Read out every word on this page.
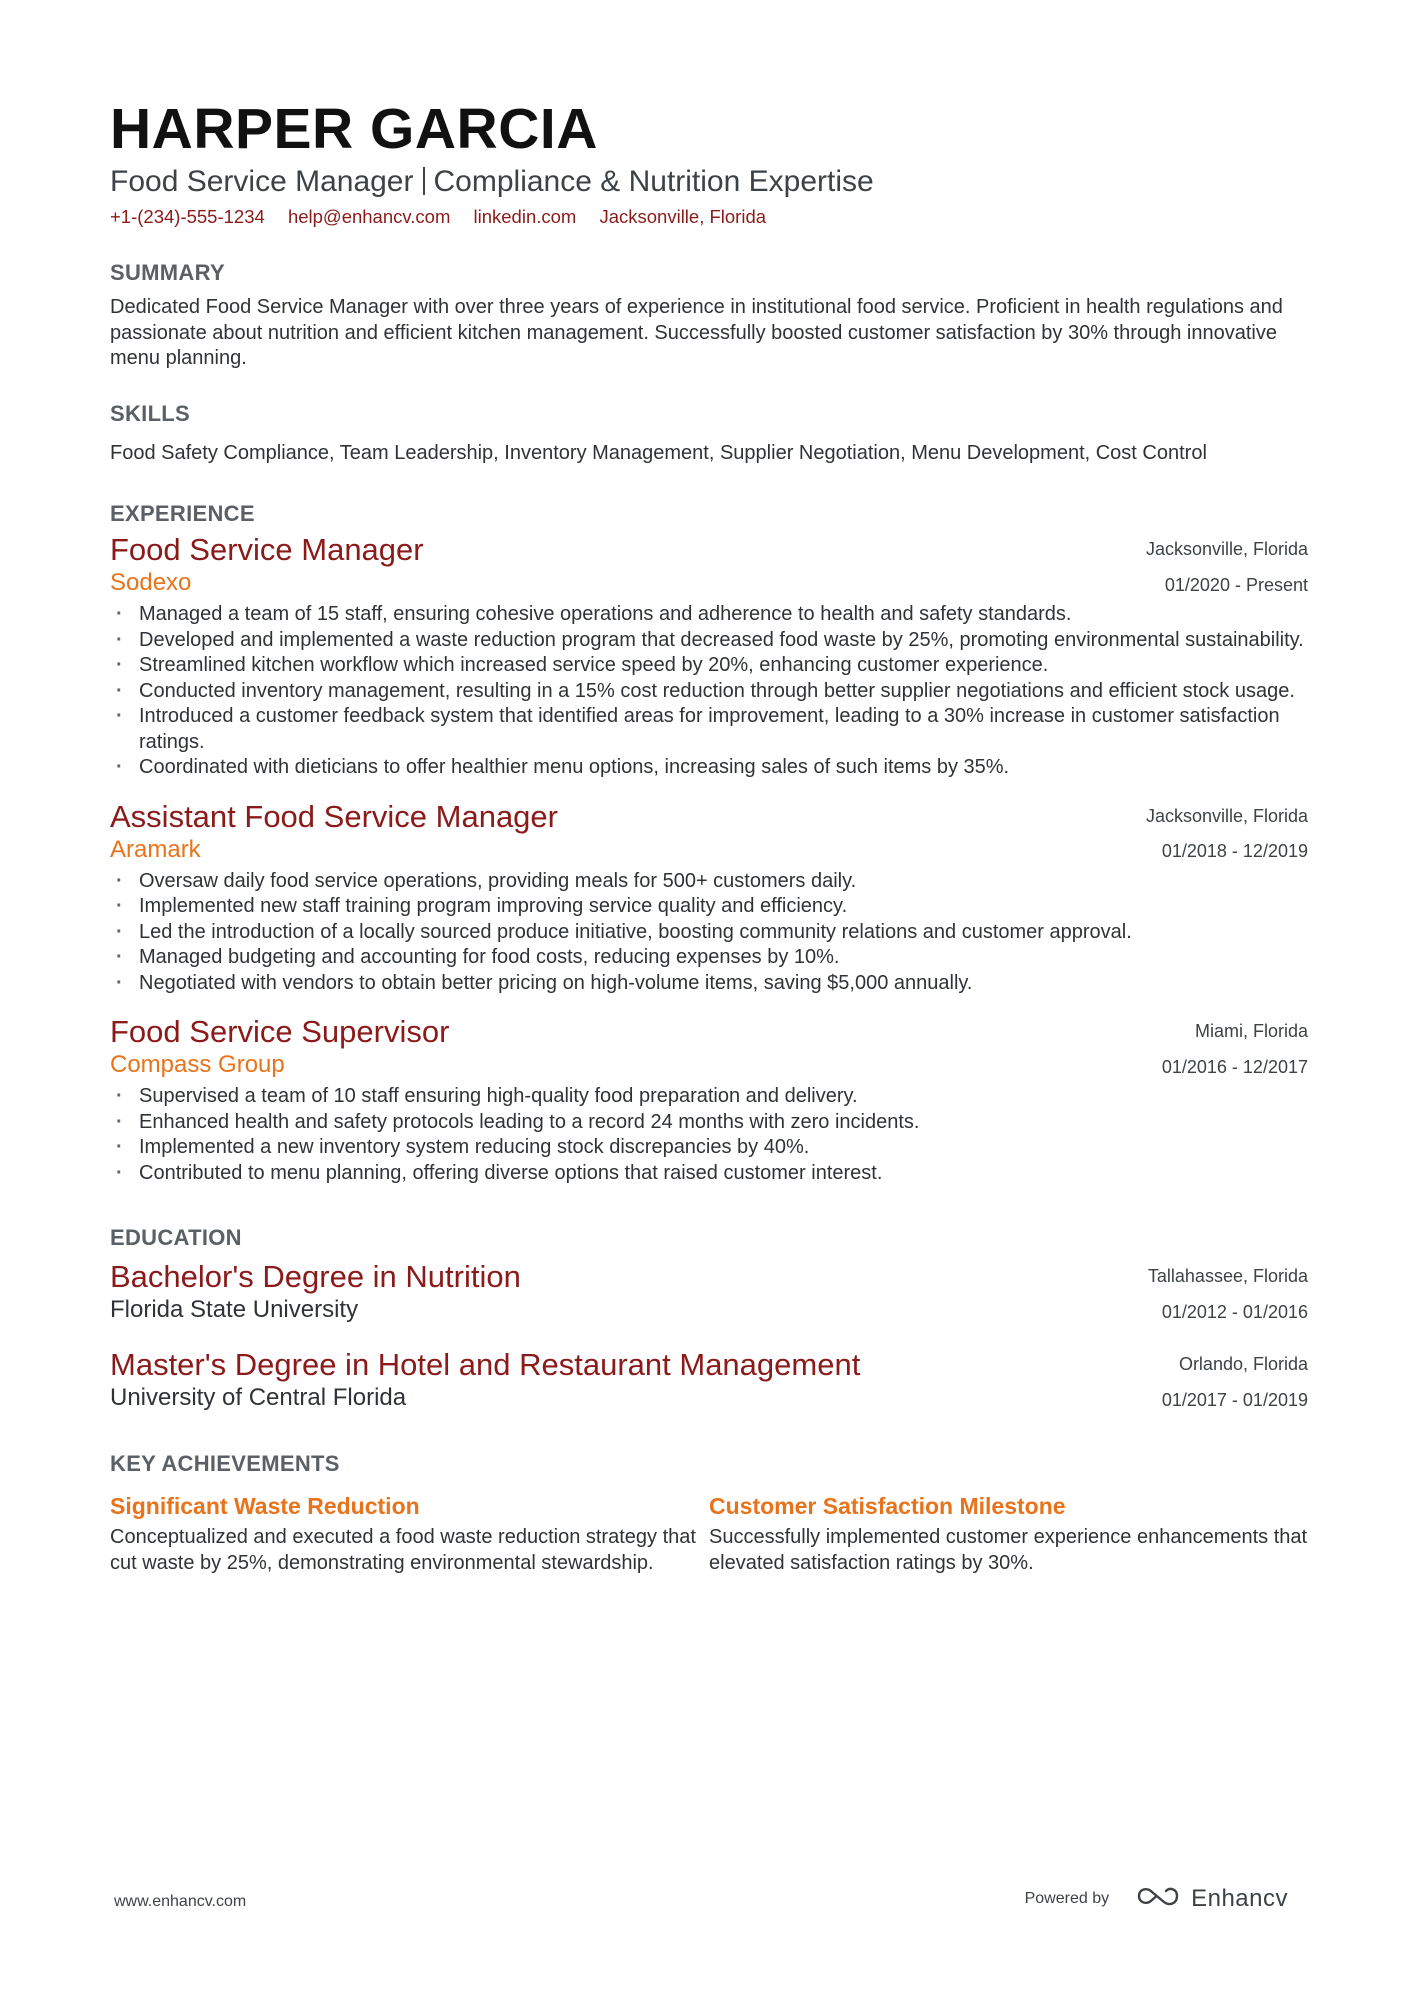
HARPER GARCIA
Food Service Manager Compliance & Nutrition Expertise
+1-(234)-555-1234 help@enhancv.com linkedin.com Jacksonville, Florida
SUMMARY
Dedicated Food Service Manager with over three years of experience in institutional food service. Proficient in health regulations and passionate about nutrition and efficient kitchen management. Successfully boosted customer satisfaction by 30% through innovative menu planning.
SKILLS
Food Safety Compliance, Team Leadership, Inventory Management, Supplier Negotiation, Menu Development, Cost Control
EXPERIENCE
Food Service Manager
Sodexo
Jacksonville, Florida
01/2020 - Present
· Managed a team of 15 staff, ensuring cohesive operations and adherence to health and safety standards.
· Developed and implemented a waste reduction program that decreased food waste by 25%, promoting environmental sustainability.
· Streamlined kitchen workflow which increased service speed by 20%, enhancing customer experience.
· Conducted inventory management, resulting in a 15% cost reduction through better supplier negotiations and efficient stock usage.
· Introduced a customer feedback system that identified areas for improvement, leading to a 30% increase in customer satisfaction ratings.
· Coordinated with dieticians to offer healthier menu options, increasing sales of such items by 35%.
Assistant Food Service Manager
Aramark
Jacksonville, Florida
01/2018 - 12/2019
· Oversaw daily food service operations, providing meals for 500+ customers daily.
· Implemented new staff training program improving service quality and efficiency.
· Led the introduction of a locally sourced produce initiative, boosting community relations and customer approval.
· Managed budgeting and accounting for food costs, reducing expenses by 10%.
· Negotiated with vendors to obtain better pricing on high-volume items, saving $5,000 annually.
Food Service Supervisor
Compass Group
Miami, Florida
01/2016 - 12/2017
· Supervised a team of 10 staff ensuring high-quality food preparation and delivery.
· Enhanced health and safety protocols leading to a record 24 months with zero incidents.
· Implemented a new inventory system reducing stock discrepancies by 40%.
· Contributed to menu planning, offering diverse options that raised customer interest.
EDUCATION
Bachelor's Degree in Nutrition
Florida State University
Tallahassee, Florida
01/2012 - 01/2016
Master's Degree in Hotel and Restaurant Management
University of Central Florida
Orlando, Florida
01/2017 - 01/2019
KEY ACHIEVEMENTS
Significant Waste Reduction
Conceptualized and executed a food waste reduction strategy that cut waste by 25%, demonstrating environmental stewardship.
Customer Satisfaction Milestone
Successfully implemented customer experience enhancements that elevated satisfaction ratings by 30%.
www.enhancv.com	Powered by	Enhancv
